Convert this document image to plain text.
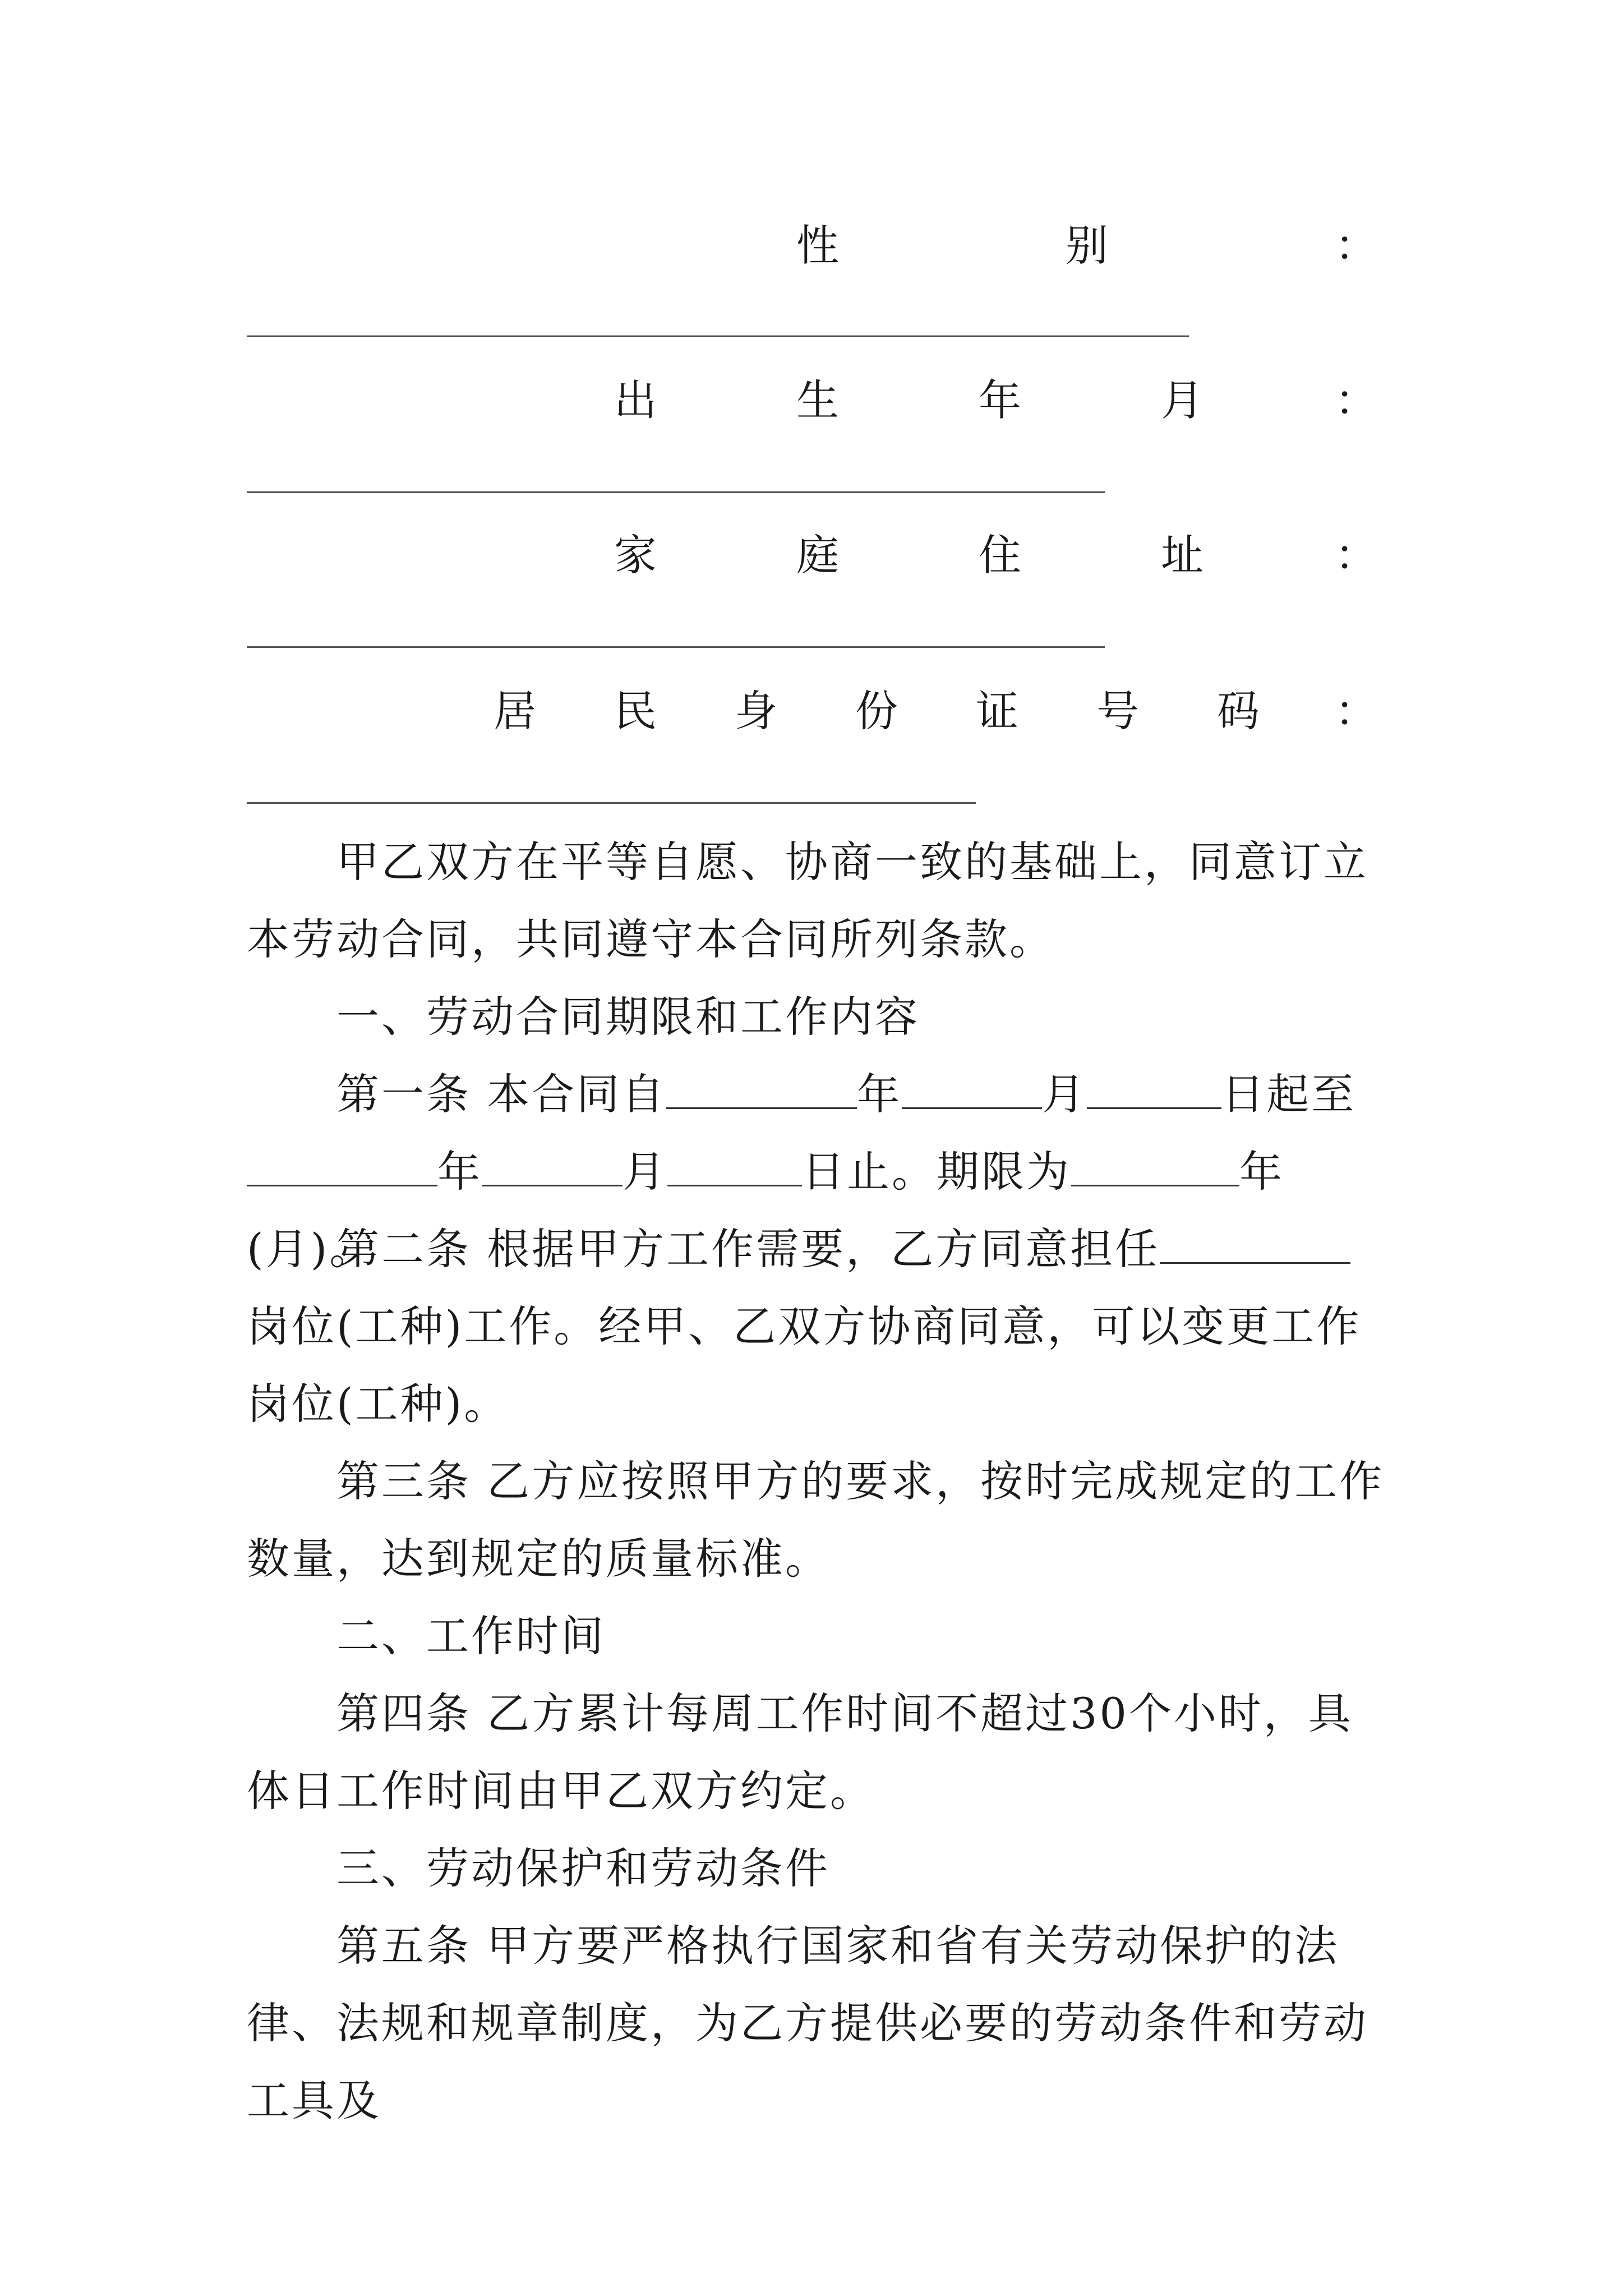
性	别	：
出	生	年	月	：
家	庭	住	址	：
居 民 身 份 证 号 码 ：

甲乙双方在平等自愿、协商一致的基础上，同意订立本劳动合同，共同遵守本合同所列条款。

一、劳动合同期限和工作内容

第一条 本合同自	年	月	日起至年	月	日止。期限为	年(月)。

第二条 根据甲方工作需要，乙方同意担任岗位(工种)工作。经甲、乙双方协商同意，可以变更工作岗位(工种)。

第三条 乙方应按照甲方的要求，按时完成规定的工作数量，达到规定的质量标准。

二、工作时间

第四条 乙方累计每周工作时间不超过30个小时，具体日工作时间由甲乙双方约定。

三、劳动保护和劳动条件

第五条 甲方要严格执行国家和省有关劳动保护的法律、法规和规章制度，为乙方提供必要的劳动条件和劳动工具及
